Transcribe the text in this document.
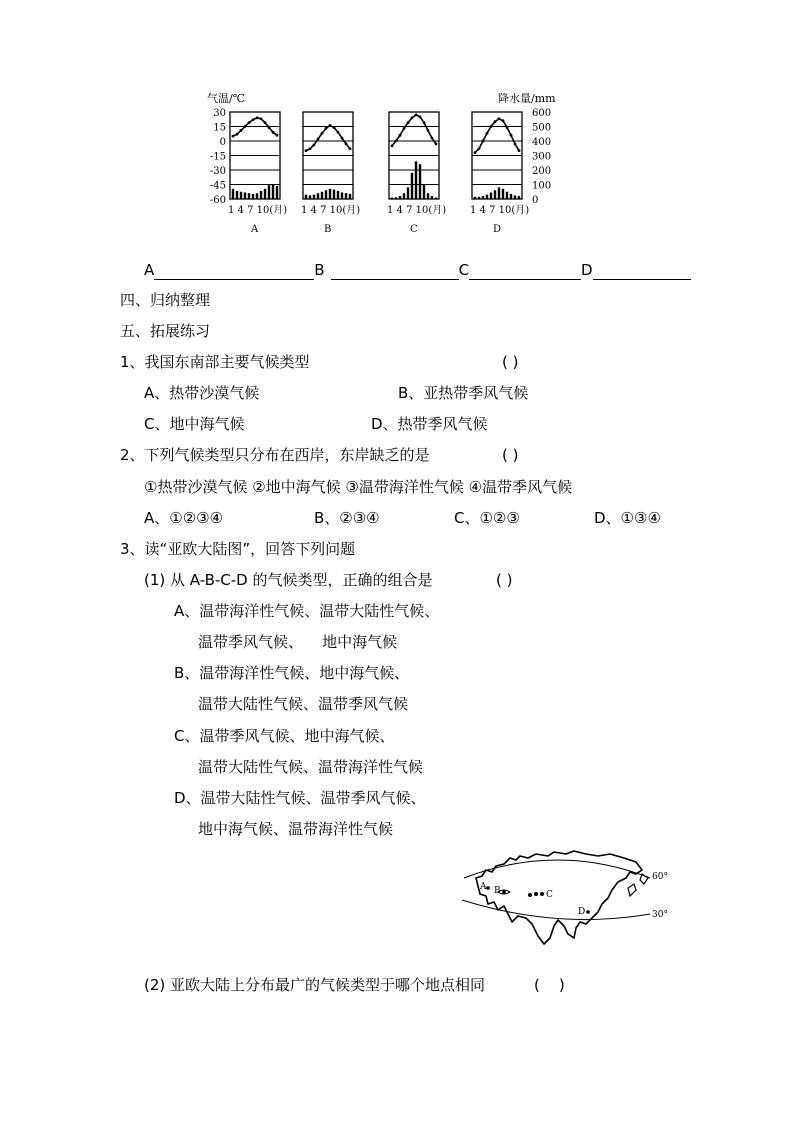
气温/℃	降水量/mm
30
15
0
-15
-30
-45
-60
600
500
400
300
200
100
0
1 4 7 10(月)
A
1 4 7 10(月)
B
1 4 7 10(月)
C
1 4 7 10(月)
D
A	B	C	D
四、归纳整理
五、拓展练习
1、我国东南部主要气候类型	( )
A、热带沙漠气候	B、亚热带季风气候
C、地中海气候	D、热带季风气候
2、下列气候类型只分布在西岸，东岸缺乏的是	( )
①热带沙漠气候 ②地中海气候 ③温带海洋性气候 ④温带季风气候
A、①②③④	B、②③④	C、①②③	D、①③④
3、读“亚欧大陆图”，回答下列问题
(1) 从 A-B-C-D 的气候类型，正确的组合是	( )
A、温带海洋性气候、温带大陆性气候、
温带季风气候、    地中海气候
B、温带海洋性气候、地中海气候、
温带大陆性气候、温带季风气候
C、温带季风气候、地中海气候、
温带大陆性气候、温带海洋性气候
D、温带大陆性气候、温带季风气候、
地中海气候、温带海洋性气候
A B	C
D
60°
30°
(2) 亚欧大陆上分布最广的气候类型于哪个地点相同	(    )
